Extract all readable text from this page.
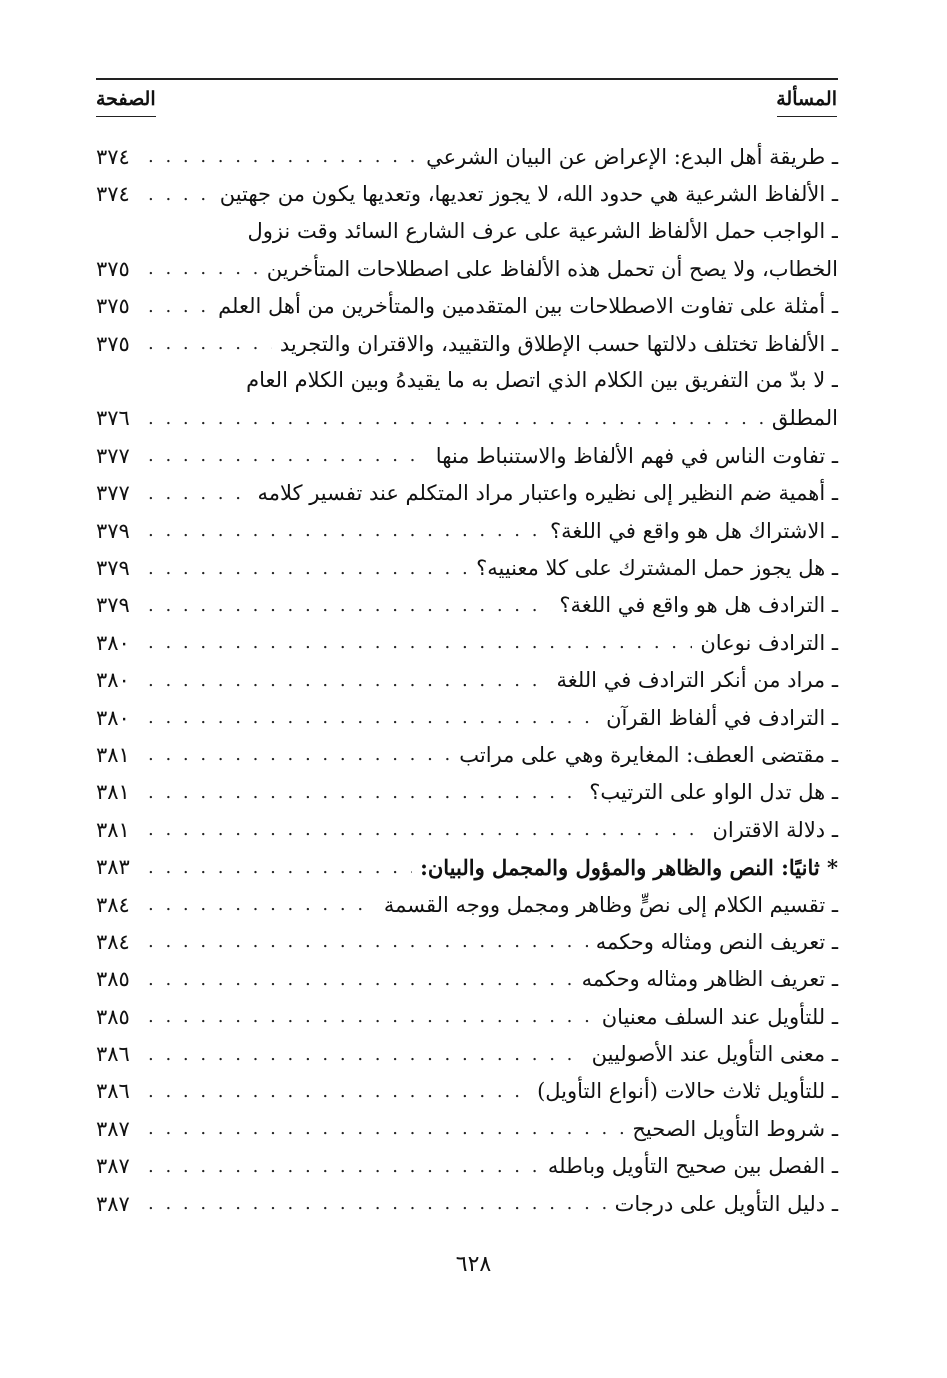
المسألة
الصفحة
ـ طريقة أهل البدع: الإعراض عن البيان الشرعي
. . .
٣٧٤
ـ الألفاظ الشرعية هي حدود الله، لا يجوز تعديها، وتعديها يكون من جهتين
. . .
٣٧٤
ـ الواجب حمل الألفاظ الشرعية على عرف الشارع السائد وقت نزول
الخطاب، ولا يصح أن تحمل هذه الألفاظ على اصطلاحات المتأخرين
. . .
٣٧٥
ـ أمثلة على تفاوت الاصطلاحات بين المتقدمين والمتأخرين من أهل العلم
. . .
٣٧٥
ـ الألفاظ تختلف دلالتها حسب الإطلاق والتقييد، والاقتران والتجريد
. . .
٣٧٥
ـ لا بدّ من التفريق بين الكلام الذي اتصل به ما يقيدهُ وبين الكلام العام
المطلق
. . .
٣٧٦
ـ تفاوت الناس في فهم الألفاظ والاستنباط منها
. . .
٣٧٧
ـ أهمية ضم النظير إلى نظيره واعتبار مراد المتكلم عند تفسير كلامه
. . .
٣٧٧
ـ الاشتراك هل هو واقع في اللغة؟
. . .
٣٧٩
ـ هل يجوز حمل المشترك على كلا معنييه؟
. . .
٣٧٩
ـ الترادف هل هو واقع في اللغة؟
. . .
٣٧٩
ـ الترادف نوعان
. . .
٣٨٠
ـ مراد من أنكر الترادف في اللغة
. . .
٣٨٠
ـ الترادف في ألفاظ القرآن
. . .
٣٨٠
ـ مقتضى العطف: المغايرة وهي على مراتب
. . .
٣٨١
ـ هل تدل الواو على الترتيب؟
. . .
٣٨١
ـ دلالة الاقتران
. . .
٣٨١
* ثانيًا: النص والظاهر والمؤول والمجمل والبيان:
. . .
٣٨٣
ـ تقسيم الكلام إلى نصٍّ وظاهر ومجمل ووجه القسمة
. . .
٣٨٤
ـ تعريف النص ومثاله وحكمه
. . .
٣٨٤
ـ تعريف الظاهر ومثاله وحكمه
. . .
٣٨٥
ـ للتأويل عند السلف معنيان
. . .
٣٨٥
ـ معنى التأويل عند الأصوليين
. . .
٣٨٦
ـ للتأويل ثلاث حالات (أنواع التأويل)
. . .
٣٨٦
ـ شروط التأويل الصحيح
. . .
٣٨٧
ـ الفصل بين صحيح التأويل وباطله
. . .
٣٨٧
ـ دليل التأويل على درجات
. . .
٣٨٧
٦٢٨
